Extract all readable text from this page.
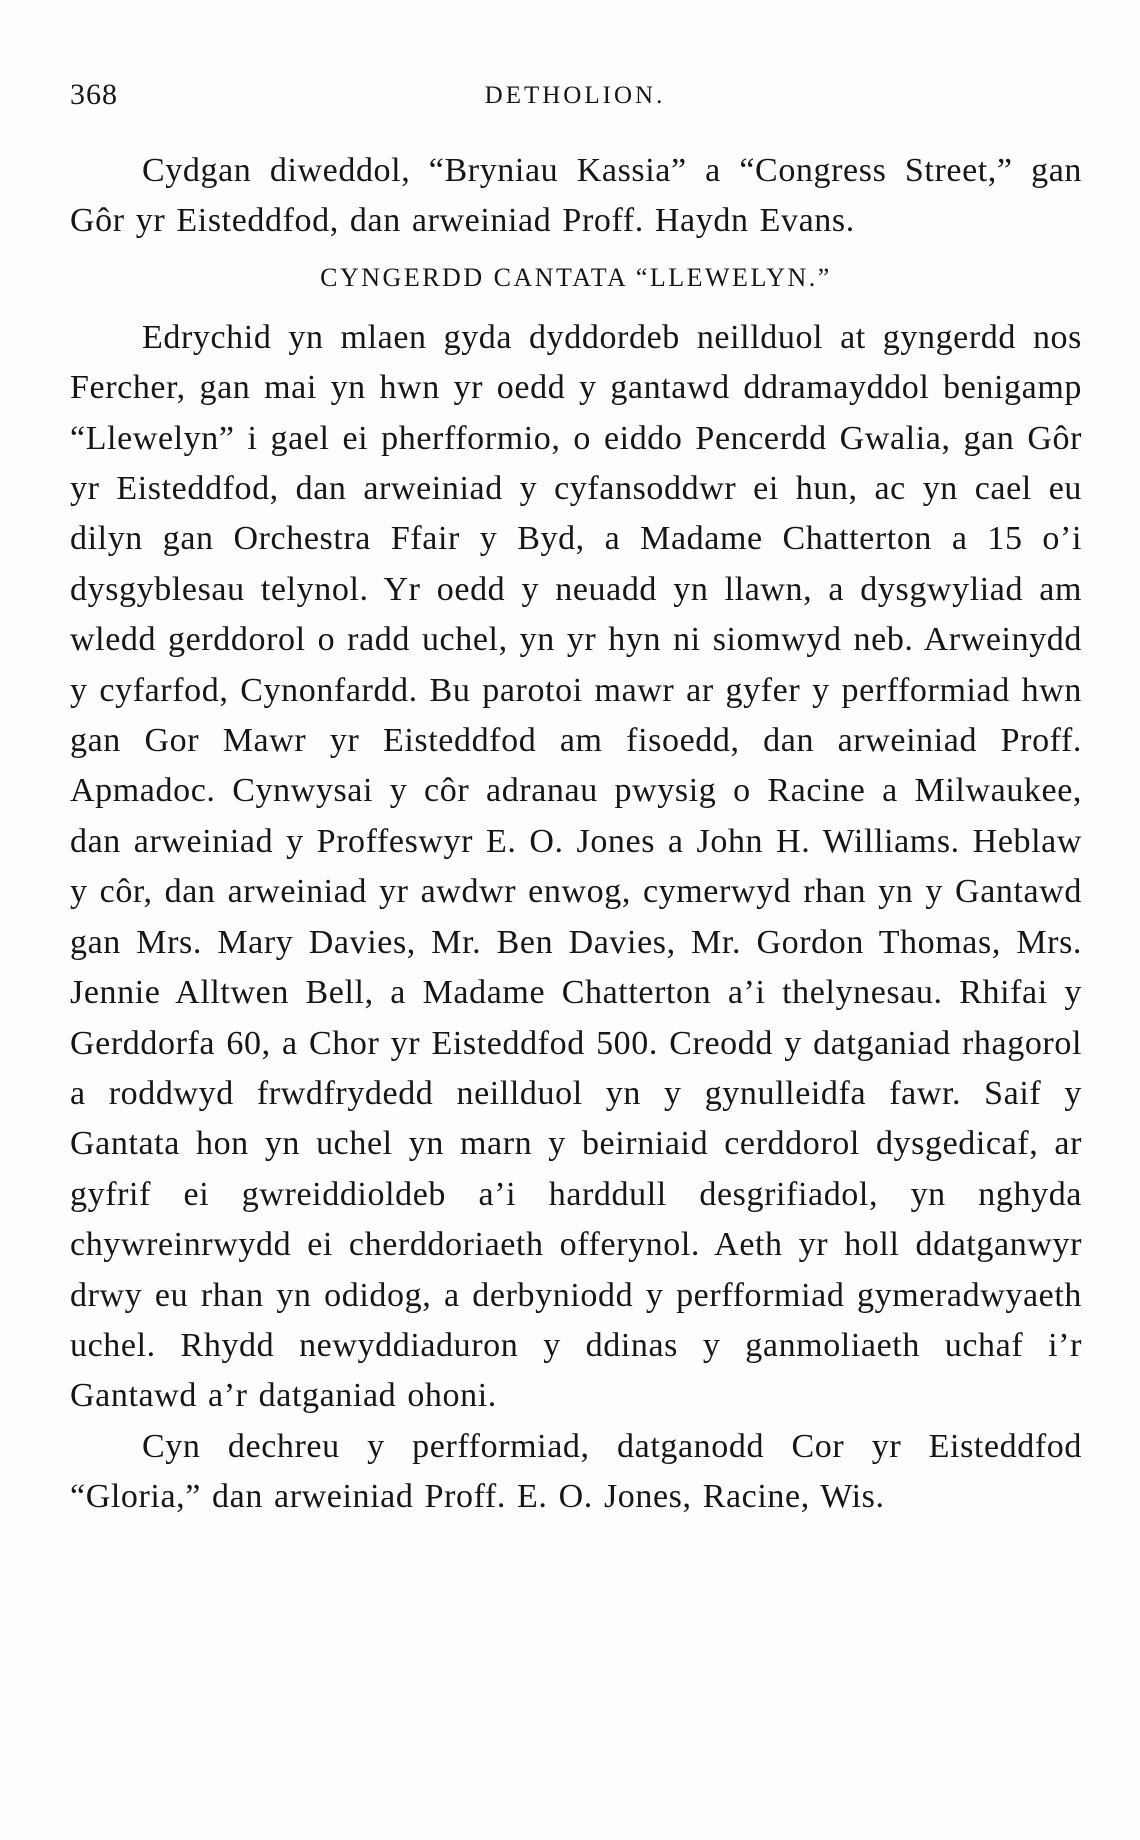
368	DETHOLION.

Cydgan diweddol, “Bryniau Kassia” a “Congress Street,” gan Gôr yr Eisteddfod, dan arweiniad Proff. Haydn Evans.

CYNGERDD CANTATA “LLEWELYN.”

Edrychid yn mlaen gyda dyddordeb neillduol at gyngerdd nos Fercher, gan mai yn hwn yr oedd y gantawd ddramayddol benigamp “Llewelyn” i gael ei pherfformio, o eiddo Pencerdd Gwalia, gan Gôr yr Eisteddfod, dan arweiniad y cyfansoddwr ei hun, ac yn cael eu dilyn gan Orchestra Ffair y Byd, a Madame Chatterton a 15 o’i dysgyblesau telynol. Yr oedd y neuadd yn llawn, a dysgwyliad am wledd gerddorol o radd uchel, yn yr hyn ni siomwyd neb. Arweinydd y cyfarfod, Cynonfardd. Bu parotoi mawr ar gyfer y perfformiad hwn gan Gor Mawr yr Eisteddfod am fisoedd, dan arweiniad Proff. Apmadoc. Cynwysai y côr adranau pwysig o Racine a Milwaukee, dan arweiniad y Proffeswyr E. O. Jones a John H. Williams. Heblaw y côr, dan arweiniad yr awdwr enwog, cymerwyd rhan yn y Gantawd gan Mrs. Mary Davies, Mr. Ben Davies, Mr. Gordon Thomas, Mrs. Jennie Alltwen Bell, a Madame Chatterton a’i thelynesau. Rhifai y Gerddorfa 60, a Chor yr Eisteddfod 500. Creodd y datganiad rhagorol a roddwyd frwdfrydedd neillduol yn y gynulleidfa fawr. Saif y Gantata hon yn uchel yn marn y beirniaid cerddorol dysgedicaf, ar gyfrif ei gwreiddioldeb a’i harddull desgrifiadol, yn nghyda chywreinrwydd ei cherddoriaeth offerynol. Aeth yr holl ddatganwyr drwy eu rhan yn odidog, a derbyniodd y perfformiad gymeradwyaeth uchel. Rhydd newyddiaduron y ddinas y ganmoliaeth uchaf i’r Gantawd a’r datganiad ohoni.

Cyn dechreu y perfformiad, datganodd Cor yr Eisteddfod “Gloria,” dan arweiniad Proff. E. O. Jones, Racine, Wis.
